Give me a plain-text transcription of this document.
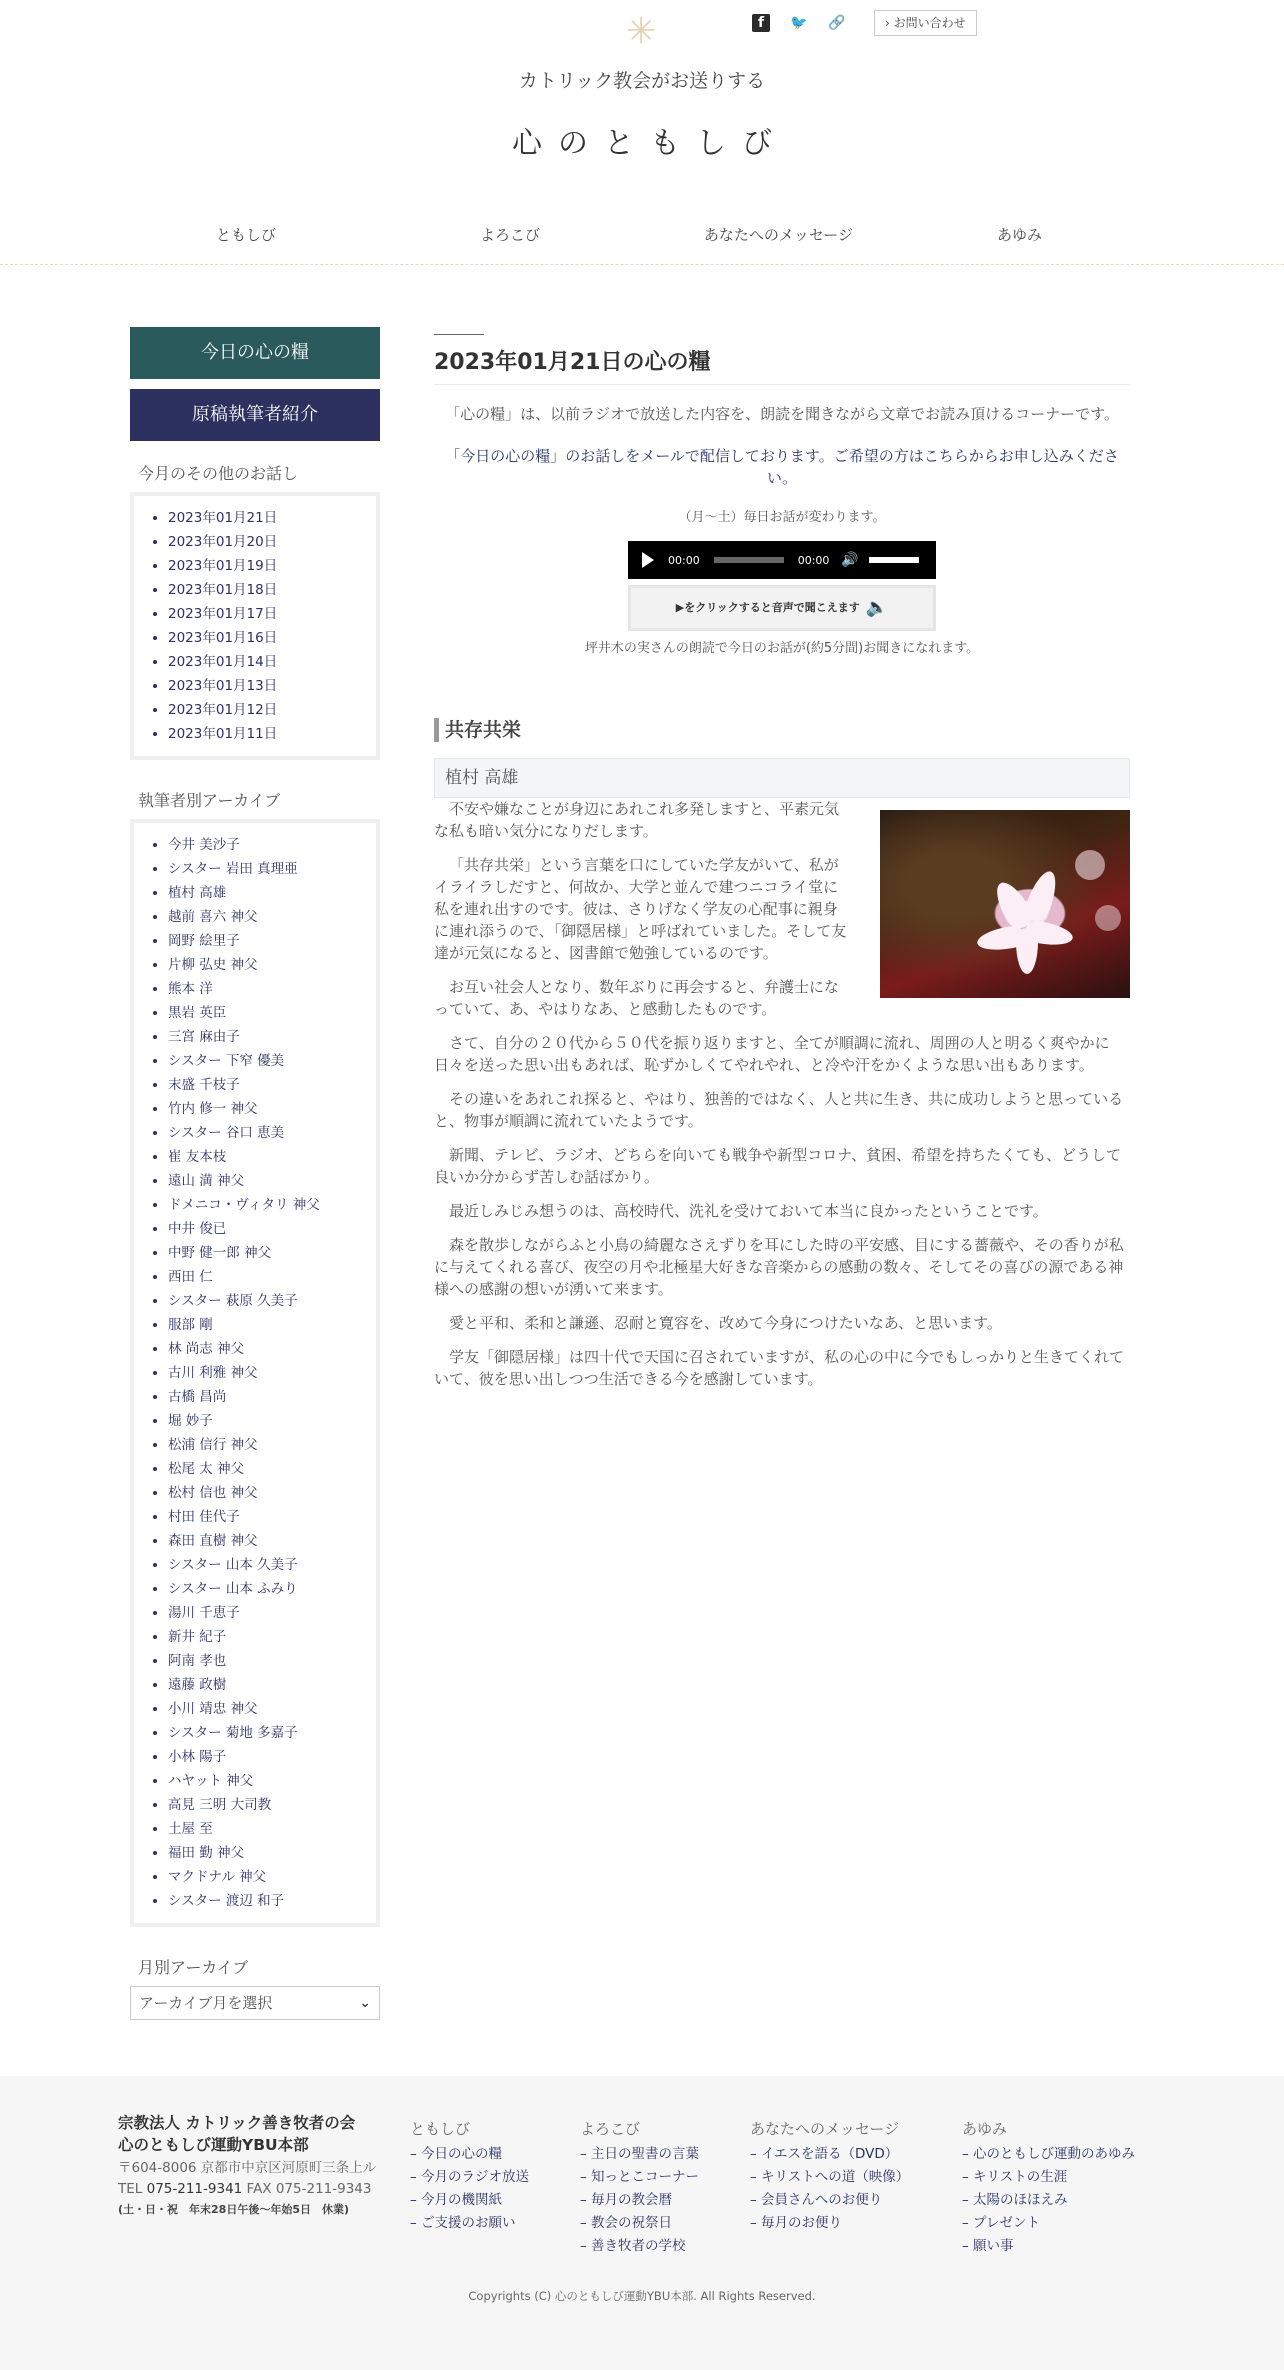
✳	f	🐦 🔗	› お問い合わせ
カトリック教会がお送りする
心のともしび
ともしび	よろこび	あなたへのメッセージ	あゆみ
今日の心の糧
原稿執筆者紹介
今月のその他のお話し
• 2023年01月21日
• 2023年01月20日
• 2023年01月19日
• 2023年01月18日
• 2023年01月17日
• 2023年01月16日
• 2023年01月14日
• 2023年01月13日
• 2023年01月12日
• 2023年01月11日
執筆者別アーカイブ
• 今井 美沙子
• シスター 岩田 真理亜
• 植村 高雄
• 越前 喜六 神父
• 岡野 絵里子
• 片柳 弘史 神父
• 熊本 洋
• 黒岩 英臣
• 三宮 麻由子
• シスター 下窄 優美
• 末盛 千枝子
• 竹内 修一 神父
• シスター 谷口 恵美
• 崔 友本枝
• 遠山 満 神父
• ドメニコ・ヴィタリ 神父
• 中井 俊已
• 中野 健一郎 神父
• 西田 仁
• シスター 萩原 久美子
• 服部 剛
• 林 尚志 神父
• 古川 利雅 神父
• 古橋 昌尚
• 堀 妙子
• 松浦 信行 神父
• 松尾 太 神父
• 松村 信也 神父
• 村田 佳代子
• 森田 直樹 神父
• シスター 山本 久美子
• シスター 山本 ふみり
• 湯川 千恵子
• 新井 紀子
• 阿南 孝也
• 遠藤 政樹
• 小川 靖忠 神父
• シスター 菊地 多嘉子
• 小林 陽子
• ハヤット 神父
• 高見 三明 大司教
• 土屋 至
• 福田 勤 神父
• マクドナル 神父
• シスター 渡辺 和子
月別アーカイブ
アーカイブ月を選択	⌄
2023年01月21日の心の糧

「心の糧」は、以前ラジオで放送した内容を、朗読を聞きながら文章でお読み頂けるコーナーです。

「今日の心の糧」のお話しをメールで配信しております。ご希望の方はこちらからお申し込みください。

（月～土）毎日お話が変わります。

00:00	00:00 🔊
▶をクリックすると音声で聞こえます 🔈

坪井木の実さんの朗読で今日のお話が(約5分間)お聞きになれます。

共存共栄
植村 高雄

不安や嫌なことが身辺にあれこれ多発しますと、平素元気な私も暗い気分になりだします。

「共存共栄」という言葉を口にしていた学友がいて、私がイライラしだすと、何故か、大学と並んで建つニコライ堂に私を連れ出すのです。彼は、さりげなく学友の心配事に親身に連れ添うので、「御隠居様」と呼ばれていました。そして友達が元気になると、図書館で勉強しているのです。

お互い社会人となり、数年ぶりに再会すると、弁護士になっていて、あ、やはりなあ、と感動したものです。

さて、自分の２０代から５０代を振り返りますと、全てが順調に流れ、周囲の人と明るく爽やかに日々を送った思い出もあれば、恥ずかしくてやれやれ、と冷や汗をかくような思い出もあります。

その違いをあれこれ探ると、やはり、独善的ではなく、人と共に生き、共に成功しようと思っていると、物事が順調に流れていたようです。

新聞、テレビ、ラジオ、どちらを向いても戦争や新型コロナ、貧困、希望を持ちたくても、どうして良いか分からず苦しむ話ばかり。

最近しみじみ想うのは、高校時代、洗礼を受けておいて本当に良かったということです。

森を散歩しながらふと小鳥の綺麗なさえずりを耳にした時の平安感、目にする薔薇や、その香りが私に与えてくれる喜び、夜空の月や北極星大好きな音楽からの感動の数々、そしてその喜びの源である神様への感謝の想いが湧いて来ます。

愛と平和、柔和と謙遜、忍耐と寛容を、改めて今身につけたいなあ、と思います。

学友「御隠居様」は四十代で天国に召されていますが、私の心の中に今でもしっかりと生きてくれていて、彼を思い出しつつ生活できる今を感謝しています。

宗教法人 カトリック善き牧者の会
心のともしび運動YBU本部
〒604-8006 京都市中京区河原町三条上ル
TEL 075-211-9341 FAX 075-211-9343
(土・日・祝　年末28日午後〜年始5日　休業)
ともしび
– 今日の心の糧
– 今月のラジオ放送
– 今月の機関紙
– ご支援のお願い
よろこび
– 主日の聖書の言葉
– 知っとこコーナー
– 毎月の教会暦
– 教会の祝祭日
– 善き牧者の学校
あなたへのメッセージ
– イエスを語る（DVD）
– キリストへの道（映像）
– 会員さんへのお便り
– 毎月のお便り
あゆみ
– 心のともしび運動のあゆみ
– キリストの生涯
– 太陽のほほえみ
– プレゼント
– 願い事
Copyrights (C) 心のともしび運動YBU本部. All Rights Reserved.
